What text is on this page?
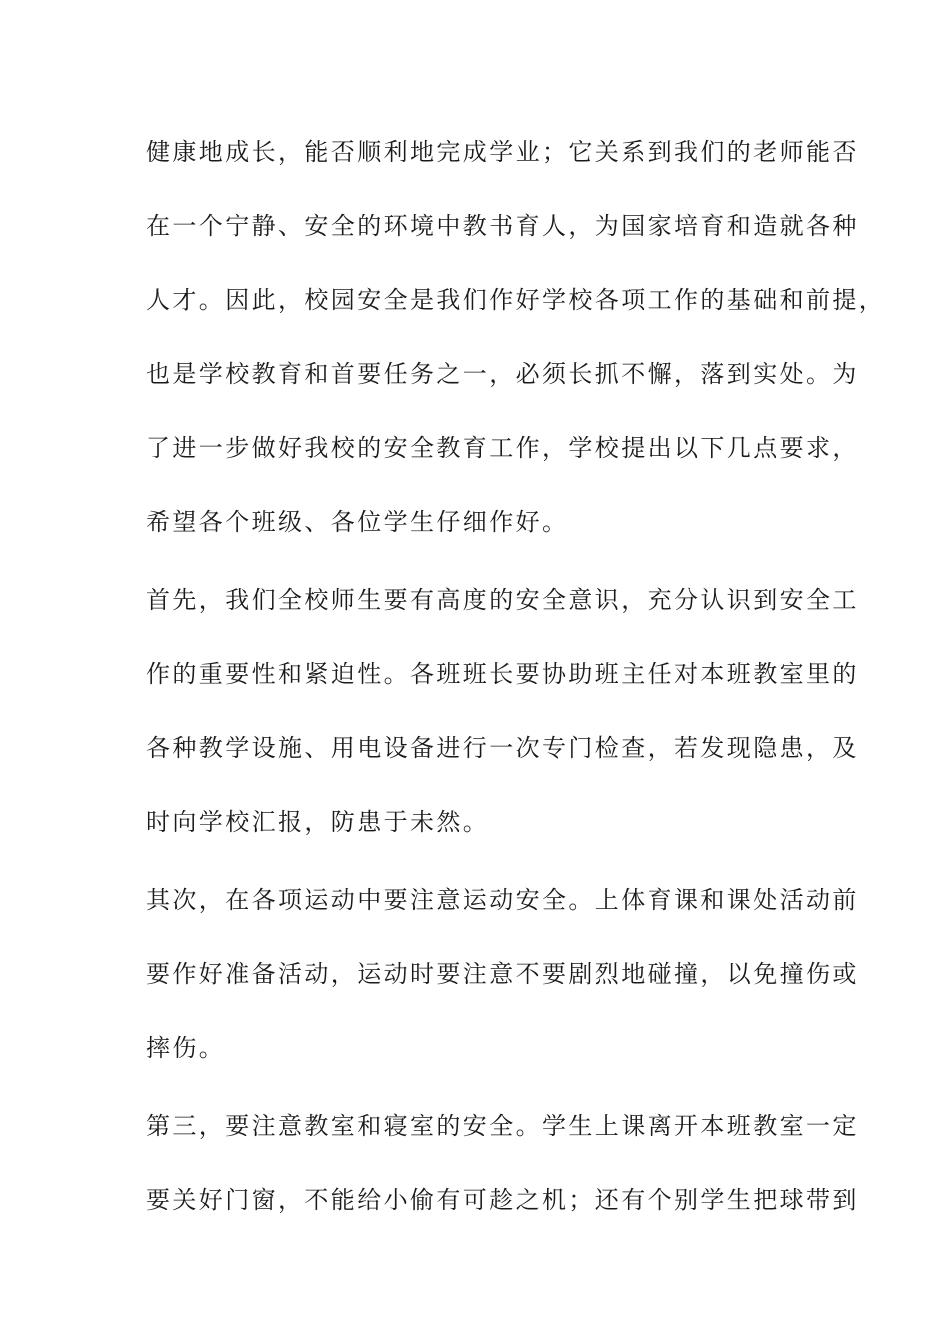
健康地成长，能否顺利地完成学业；它关系到我们的老师能否
在一个宁静、安全的环境中教书育人，为国家培育和造就各种
人才。因此，校园安全是我们作好学校各项工作的基础和前提，
也是学校教育和首要任务之一，必须长抓不懈，落到实处。为
了进一步做好我校的安全教育工作，学校提出以下几点要求，
希望各个班级、各位学生仔细作好。
首先，我们全校师生要有高度的安全意识，充分认识到安全工
作的重要性和紧迫性。各班班长要协助班主任对本班教室里的
各种教学设施、用电设备进行一次专门检查，若发现隐患，及
时向学校汇报，防患于未然。
其次，在各项运动中要注意运动安全。上体育课和课处活动前
要作好准备活动，运动时要注意不要剧烈地碰撞，以免撞伤或
摔伤。
第三，要注意教室和寝室的安全。学生上课离开本班教室一定
要关好门窗，不能给小偷有可趁之机；还有个别学生把球带到
